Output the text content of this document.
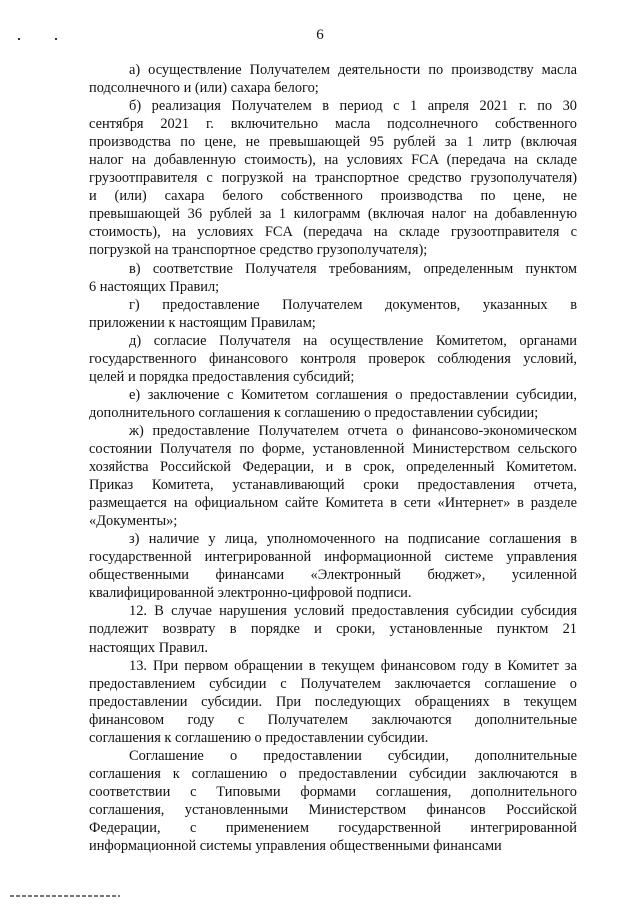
6
а) осуществление Получателем деятельности по производству масла
подсолнечного и (или) сахара белого;
б) реализация Получателем в период с 1 апреля 2021 г. по 30
сентября 2021 г. включительно масла подсолнечного собственного
производства по цене, не превышающей 95 рублей за 1 литр (включая
налог на добавленную стоимость), на условиях FCA (передача на складе
грузоотправителя с погрузкой на транспортное средство грузополучателя)
и (или) сахара белого собственного производства по цене, не
превышающей 36 рублей за 1 килограмм (включая налог на добавленную
стоимость), на условиях FCA (передача на складе грузоотправителя с
погрузкой на транспортное средство грузополучателя);
в) соответствие Получателя требованиям, определенным пунктом
6 настоящих Правил;
г) предоставление Получателем документов, указанных в
приложении к настоящим Правилам;
д) согласие Получателя на осуществление Комитетом, органами
государственного финансового контроля проверок соблюдения условий,
целей и порядка предоставления субсидий;
е) заключение с Комитетом соглашения о предоставлении субсидии,
дополнительного соглашения к соглашению о предоставлении субсидии;
ж) предоставление Получателем отчета о финансово-экономическом
состоянии Получателя по форме, установленной Министерством сельского
хозяйства Российской Федерации, и в срок, определенный Комитетом.
Приказ Комитета, устанавливающий сроки предоставления отчета,
размещается на официальном сайте Комитета в сети «Интернет» в разделе
«Документы»;
з) наличие у лица, уполномоченного на подписание соглашения в
государственной интегрированной информационной системе управления
общественными финансами «Электронный бюджет», усиленной
квалифицированной электронно-цифровой подписи.
12. В случае нарушения условий предоставления субсидии субсидия
подлежит возврату в порядке и сроки, установленные пунктом 21
настоящих Правил.
13. При первом обращении в текущем финансовом году в Комитет за
предоставлением субсидии с Получателем заключается соглашение о
предоставлении субсидии. При последующих обращениях в текущем
финансовом году с Получателем заключаются дополнительные
соглашения к соглашению о предоставлении субсидии.
Соглашение о предоставлении субсидии, дополнительные
соглашения к соглашению о предоставлении субсидии заключаются в
соответствии с Типовыми формами соглашения, дополнительного
соглашения, установленными Министерством финансов Российской
Федерации, с применением государственной интегрированной
информационной системы управления общественными финансами
